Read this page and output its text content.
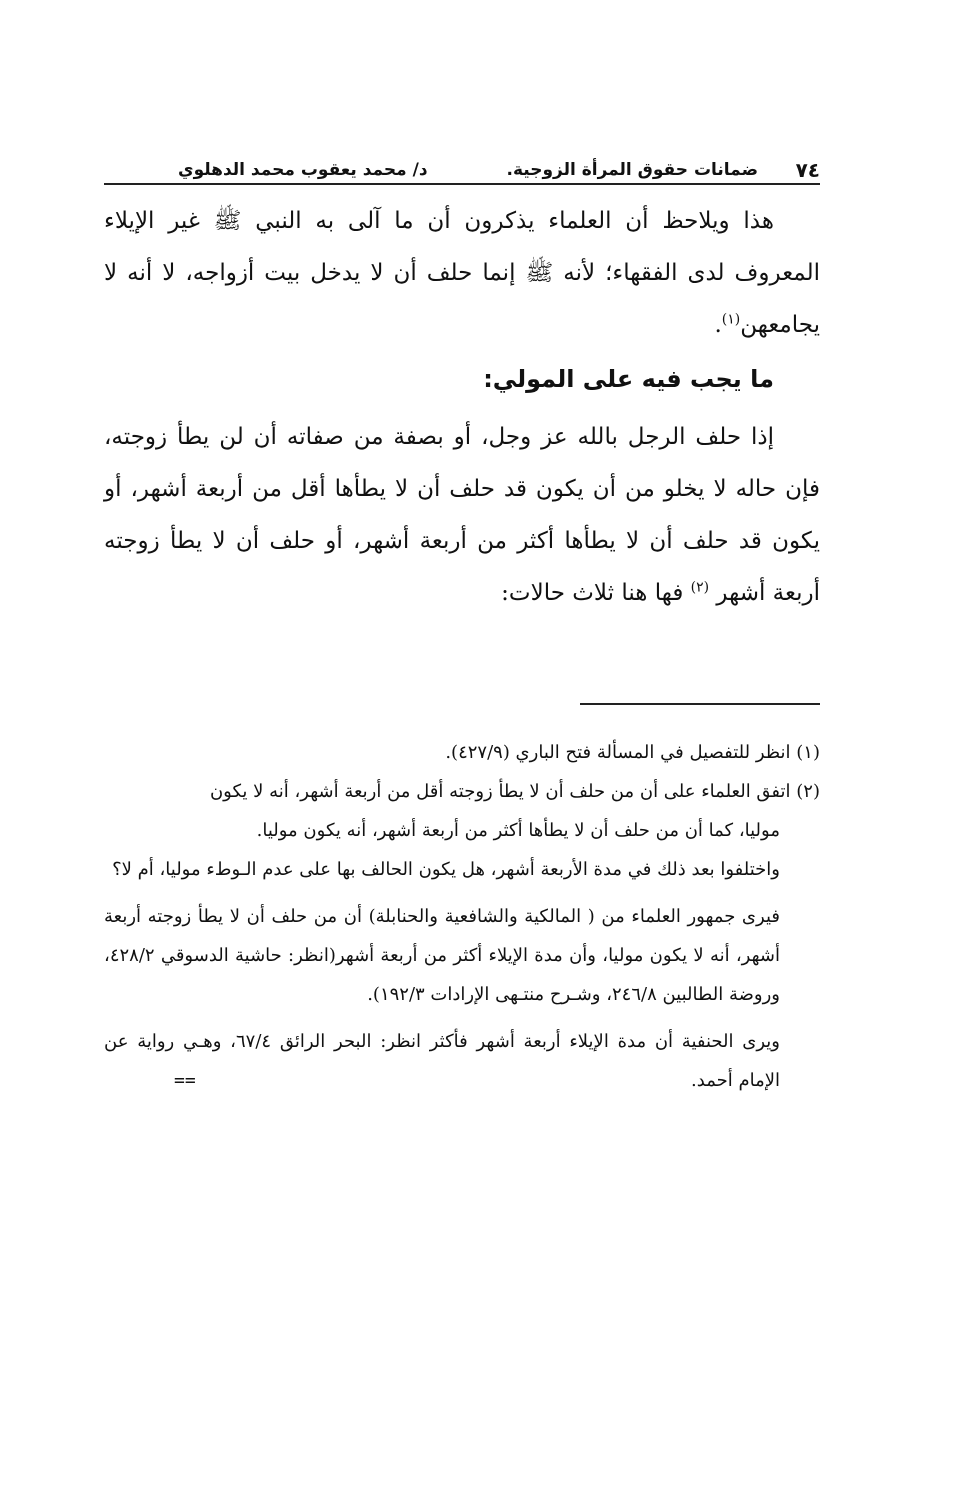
٧٤
ضمانات حقوق المرأة الزوجية.
د/ محمد يعقوب محمد الدهلوي

هذا ويلاحظ أن العلماء يذكرون أن ما آلى به النبي ﷺ غير الإيلاء المعروف لدى الفقهاء؛ لأنه ﷺ إنما حلف أن لا يدخل بيت أزواجه، لا أنه لا يجامعهن$^{(١)}$.

ما يجب فيه على المولي:

إذا حلف الرجل بالله عز وجل، أو بصفة من صفاته أن لن يطأ زوجته، فإن حاله لا يخلو من أن يكون قد حلف أن لا يطأها أقل من أربعة أشهر، أو يكون قد حلف أن لا يطأها أكثر من أربعة أشهر، أو حلف أن لا يطأ زوجته أربعة أشهر $^{(٢)}$ فها هنا ثلاث حالات:

(١) انظر للتفصيل في المسألة فتح الباري (٤٢٧/٩).

(٢) اتفق العلماء على أن من حلف أن لا يطأ زوجته أقل من أربعة أشهر، أنه لا يكون

موليا، كما أن من حلف أن لا يطأها أكثر من أربعة أشهر، أنه يكون موليا.

واختلفوا بعد ذلك في مدة الأربعة أشهر، هل يكون الحالف بها على عدم الـوطء موليا، أم لا؟

فيرى جمهور العلماء من ( المالكية والشافعية والحنابلة) أن من حلف أن لا يطأ زوجته أربعة أشهر، أنه لا يكون موليا، وأن مدة الإيلاء أكثر من أربعة أشهر(انظر: حاشية الدسوقي ٤٢٨/٢، وروضة الطالبين ٢٤٦/٨، وشـرح منتـهى الإرادات ١٩٢/٣).

ويرى الحنفية أن مدة الإيلاء أربعة أشهر فأكثر انظر: البحر الرائق ٦٧/٤، وهـي رواية عن الإمام أحمد.
==
